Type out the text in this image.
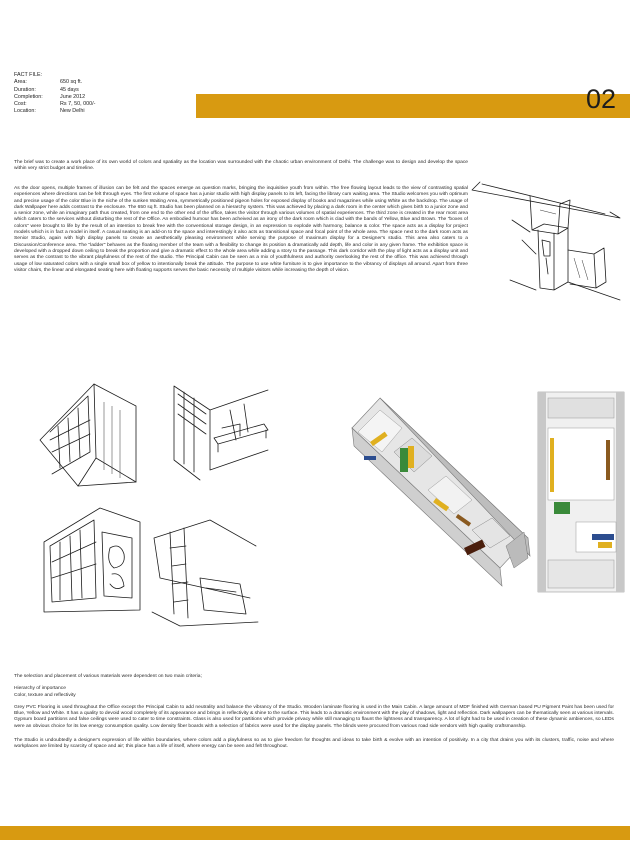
FACT FILE:
Area:	650 sq ft.
Duration:	45 days
Completion:	June 2012
Cost:	Rs 7, 50, 000/-
Location:	New Delhi	02

The brief was to create a work place of its own world of colors and spatiality as the location was surrounded with the chaotic urban environment of Delhi. The challenge was to design and develop the space within very strict budget and timeline.

As the door opens, multiple frames of illusion can be felt and the spaces emerge as question marks, bringing the inquisitive youth from within. The free flowing layout leads to the view of contrasting spatial experiences where directions can be felt through eyes. The first volume of space has a junior studio with high display panels to its left, facing the library cum waiting area. The Studio welcomes you with optimum and precise usage of the color Blue in the niche of the sunken Waiting Area, symmetrically positioned pigeon holes for exposed display of books and magazines while using White as the backdrop. The usage of dark Wallpaper here adds contrast to the enclosure. The 650 sq ft. Studio has been planned on a hierarchy system. This was achieved by placing a dark room in the center which gives birth to a junior zone and a senior zone, while an imaginary path thus created, from one end to the other end of the office, takes the visitor through various volumes of spatial experiences. The third zone is created in the rear most area which caters to the services without disturbing the rest of the Office. An embodied humour has been acheived as an irony of the dark room which is clad with the bands of Yellow, Blue and Brown. The "boxes of colors" were brought to life by the result of an intention to break free with the conventional storage design, in an expression to explode with harmony, balance & color. The space acts as a display for project models which is in fact a model in itself. A casual seating is an add-on to the space and interestingly it also acts as transitional space and focal point of the whole area. The space next to the dark room acts as Senior Studio, again with high display panels to create an aesthetically pleasing environment while serving the purpose of maximum display for a Designer's studio. This area also caters to a Discussion/Conference area. The "ladder" behaves as the floating member of the team with a flexibility to change its position & dramatically add depth, life and color in any given frame. The exhibition space is developed with a dropped down ceiling to break the proportion and give a dramatic effect to the whole area while adding a story to the passage. This dark corridor with the play of light acts as a display unit and serves as the contrast to the vibrant playfulness of the rest of the studio. The Principal Cabin can be seen as a mix of youthfulness and authority overlooking the rest of the office. This was achieved through usage of low saturated colors with a single small box of yellow to intentionally break the attitude. The purpose to use white furniture is to give importance to the vibrancy of displays all around. Apart from three visitor chairs, the linear and elongated seating here with floating supports serves the basic necessity of multiple visitors while increasing the depth of vision.

The selection and placement of various materials were dependent on two main criteria;

Hierarchy of importance

Color, texture and reflectivity

Grey PVC Flooring is used throughout the Office except the Principal Cabin to add neutrality and balance the vibrancy of the Studio. Wooden laminate flooring is used in the Main Cabin. A large amount of MDF finished with German based PU Pigment Paint has been used for Blue, Yellow and White. It has a quality to devoid wood completely of its appearance and brings in reflectivity & shine to the surface. This leads to a dramatic environment with the play of shadows, light and reflection. Dark wallpapers can be thematically seen at various intervals. Gypsum board partitions and false ceilings were used to cater to time constraints. Glass is also used for partitions which provide privacy while still managing to flaunt the lightness and transparency. A lot of light had to be used in creation of these dynamic ambiences, so LEDs were an obvious choice for its low energy consumption quality. Low density fiber boards with a selection of fabrics were used for the display panels. The blinds were procured from various road side vendors with high quality craftsmanship.

The Studio is undoubtedly a designer's expression of life within boundaries, where colors add a playfulness so as to give freedom for thoughts and ideas to take birth & evolve with an intention of positivity. In a city that drains you with its clusters, traffic, noise and where workplaces are limited by scarcity of space and air; this place has a life of itself, where energy can be seen and felt throughout.
